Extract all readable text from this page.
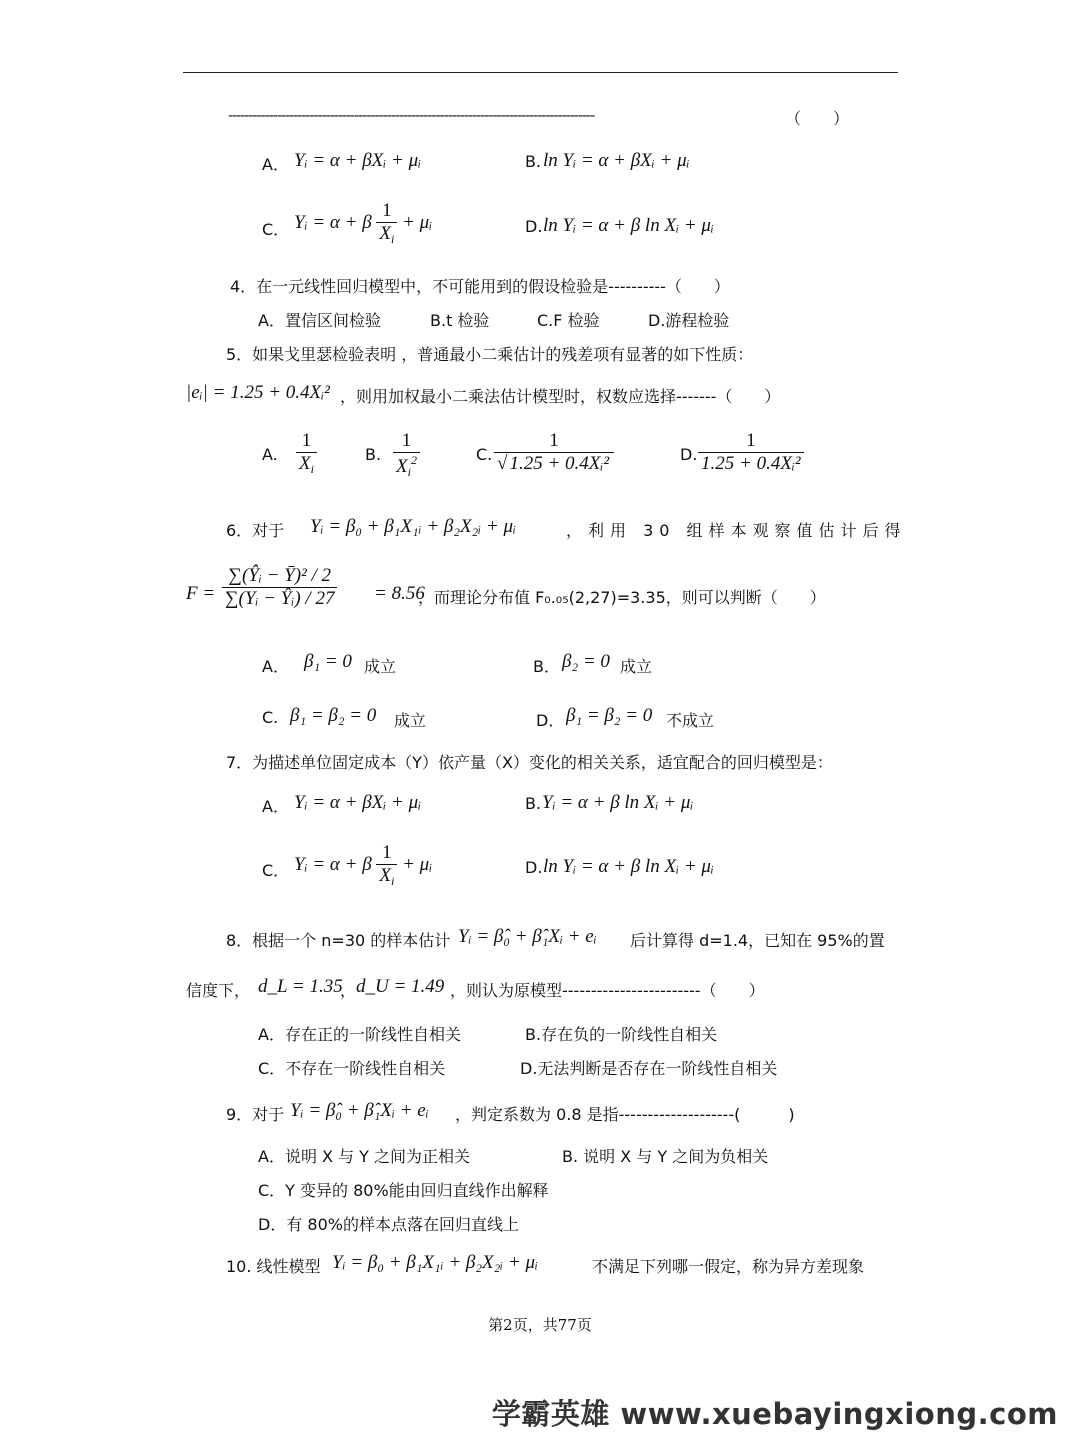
------------------------------------------------------------------------------------------	（　　）
A． Yᵢ = α + βXᵢ + μᵢ	B. ln Yᵢ = α + βXᵢ + μᵢ
C． Yᵢ = α + β $\frac{1}{X_i}$ + μᵢ	D. ln Yᵢ = α + β ln Xᵢ + μᵢ
4．在一元线性回归模型中，不可能用到的假设检验是----------（　　）
A．置信区间检验	B.t 检验	C.F 检验	D.游程检验
5．如果戈里瑟检验表明 ，普通最小二乘估计的残差项有显著的如下性质：
|eᵢ| = 1.25 + 0.4Xᵢ² ，则用加权最小二乘法估计模型时，权数应选择-------（　　）
A. $\frac{1}{X_i}$	B. $\frac{1}{X_i^2}$	C. $\frac{1}{\text{√ 1.25 + 0.4Xᵢ²}}$	D. $\frac{1}{\text{1.25 + 0.4Xᵢ²}}$
6．对于 Yᵢ = β₀ + β₁X₁ᵢ + β₂X₂ᵢ + μᵢ	，利用 30 组样本观察值估计后得
$F = \frac{\text{∑(Ŷᵢ − Ȳ)² / 2}}{\text{∑(Yᵢ − Ŷᵢ) / 27}} = 8.56$
，而理论分布值 F₀.₀₅(2,27)=3.35，则可以判断（　　）
A． β₁ = 0 成立	B． β₂ = 0 成立
C. β₁ = β₂ = 0 成立	D． β₁ = β₂ = 0 不成立
7．为描述单位固定成本（Y）依产量（X）变化的相关关系，适宜配合的回归模型是：
A． Yᵢ = α + βXᵢ + μᵢ	B. Yᵢ = α + β ln Xᵢ + μᵢ
C． Yᵢ = α + β $\frac{1}{X_i}$ + μᵢ	D. ln Yᵢ = α + β ln Xᵢ + μᵢ
8．根据一个 n=30 的样本估计 Yᵢ = β̂₀ + β̂₁Xᵢ + eᵢ 后计算得 d=1.4，已知在 95%的置
信度下， d_L = 1.35
， d_U = 1.49 ，则认为原模型------------------------（　　）
A．存在正的一阶线性自相关	B.存在负的一阶线性自相关
C．不存在一阶线性自相关	D.无法判断是否存在一阶线性自相关
9．对于 Yᵢ = β̂₀ + β̂₁Xᵢ + eᵢ ，判定系数为 0.8 是指--------------------(　　　)
A．说明 X 与 Y 之间为正相关	B. 说明 X 与 Y 之间为负相关
C．Y 变异的 80%能由回归直线作出解释
D．有 80%的样本点落在回归直线上
10. 线性模型 Yᵢ = β₀ + β₁X₁ᵢ + β₂X₂ᵢ + μᵢ	不满足下列哪一假定，称为异方差现象
第2页，共77页
学霸英雄 www.xuebayingxiong.com
